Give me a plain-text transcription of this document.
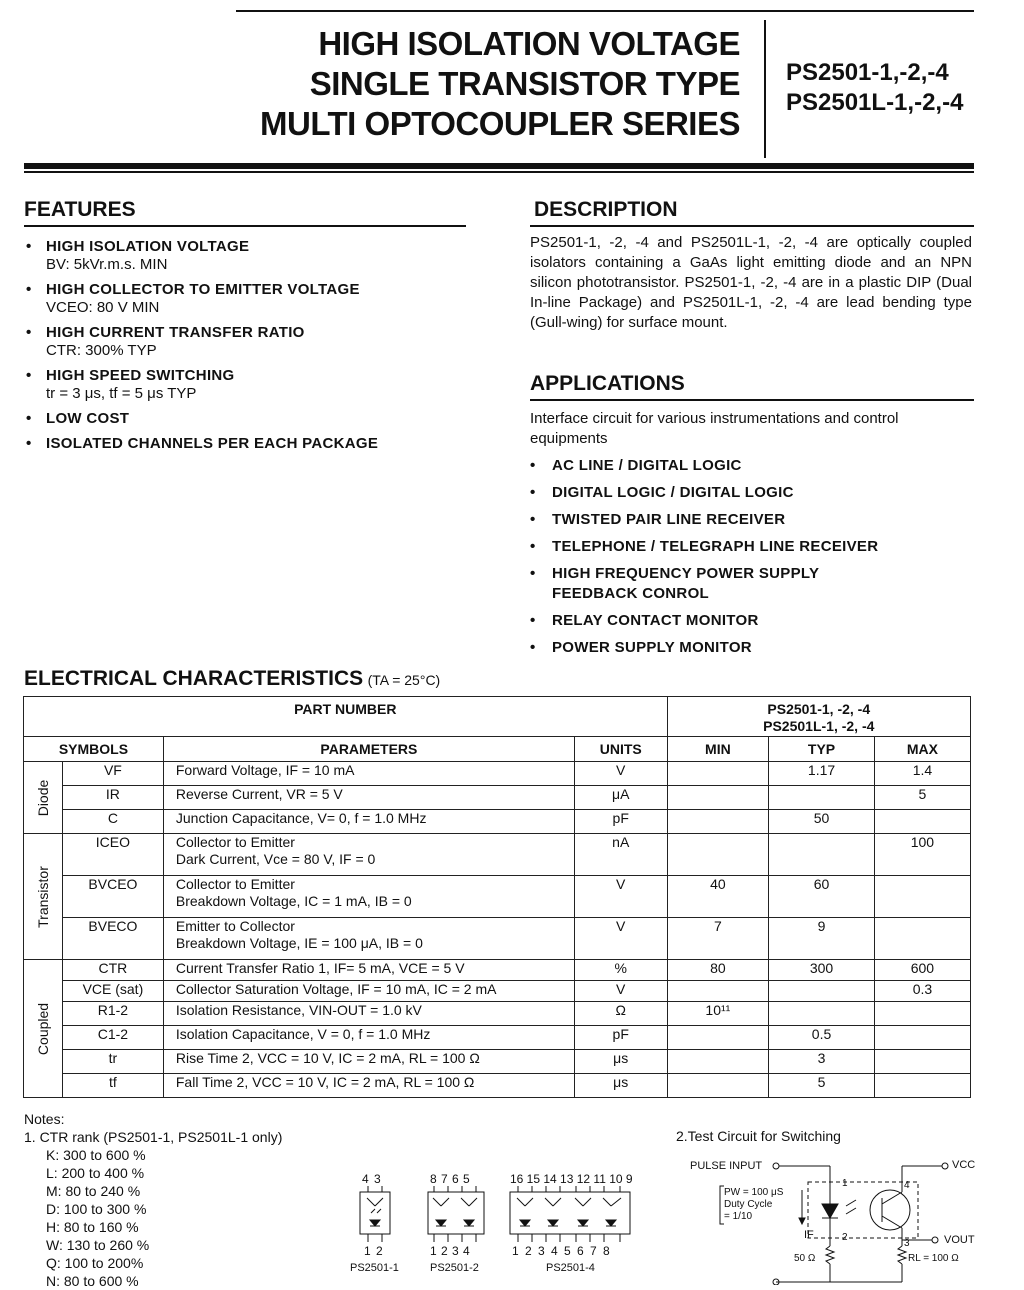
HIGH ISOLATION VOLTAGE
SINGLE TRANSISTOR TYPE
MULTI OPTOCOUPLER SERIES
PS2501-1,-2,-4
PS2501L-1,-2,-4
FEATURES
• HIGH ISOLATION VOLTAGE
BV: 5kVr.m.s. MIN
• HIGH COLLECTOR TO EMITTER VOLTAGE
VCEO: 80 V MIN
• HIGH CURRENT TRANSFER RATIO
CTR: 300% TYP
• HIGH SPEED SWITCHING
tr = 3 μs, tf = 5 μs TYP
• LOW COST
• ISOLATED CHANNELS PER EACH PACKAGE
DESCRIPTION
PS2501-1, -2, -4 and PS2501L-1, -2, -4 are optically coupled isolators containing a GaAs light emitting diode and an NPN silicon phototransistor. PS2501-1, -2, -4 are in a plastic DIP (Dual In-line Package) and PS2501L-1, -2, -4 are lead bending type (Gull-wing) for surface mount.
APPLICATIONS
Interface circuit for various instrumentations and control equipments
• AC LINE / DIGITAL LOGIC
• DIGITAL LOGIC / DIGITAL LOGIC
• TWISTED PAIR LINE RECEIVER
• TELEPHONE / TELEGRAPH LINE RECEIVER
• HIGH FREQUENCY POWER SUPPLY FEEDBACK CONROL
• RELAY CONTACT MONITOR
• POWER SUPPLY MONITOR
ELECTRICAL CHARACTERISTICS (TA = 25°C)
PART NUMBER				PS2501-1, -2, -4
PS2501L-1, -2, -4		

SYMBOLS		PARAMETERS	UNITS	MIN	TYP	MAX

Diode	VF	Forward Voltage, IF = 10 mA	V		1.17	1.4
	IR	Reverse Current, VR = 5 V	μA			5
	C	Junction Capacitance, V= 0, f = 1.0 MHz	pF		50	

Transistor	ICEO	Collector to Emitter
Dark Current, Vce = 80 V, IF = 0	nA			100
	BVCEO	Collector to Emitter
Breakdown Voltage, IC = 1 mA, IB = 0	V	40	60	
	BVECO	Emitter to Collector
Breakdown Voltage, IE = 100 μA, IB = 0	V	7	9	

Coupled	CTR	Current Transfer Ratio 1, IF= 5 mA, VCE = 5 V	%	80	300	600
	VCE (sat)	Collector Saturation Voltage, IF = 10 mA, IC = 2 mA	V			0.3
	R1-2	Isolation Resistance, VIN-OUT = 1.0 kV	Ω	10¹¹		
	C1-2	Isolation Capacitance, V = 0, f = 1.0 MHz	pF		0.5	
	tr	Rise Time 2, VCC = 10 V, IC = 2 mA, RL = 100 Ω	μs		3	
	tf	Fall Time 2, VCC = 10 V, IC = 2 mA, RL = 100 Ω	μs		5	
Notes:
1. CTR rank (PS2501-1, PS2501L-1 only)
K: 300 to 600 %
L: 200 to 400 %
M: 80 to 240 %
D: 100 to 300 %
H: 80 to 160 %
W: 130 to 260 %
Q: 100 to 200%
N: 80 to 600 %
2.Test Circuit for Switching
4 3
1 2
PS2501-1
8 7 6 5
1 2 3 4
PS2501-2
16 15 14 13 12 11 10 9
1 2 3 4 5 6 7 8
PS2501-4
PULSE INPUT	VCC
VOUT
PW = 100 μS
Duty Cycle
= 1/10
IF
50 Ω	RL = 100 Ω
1
2
3
4
